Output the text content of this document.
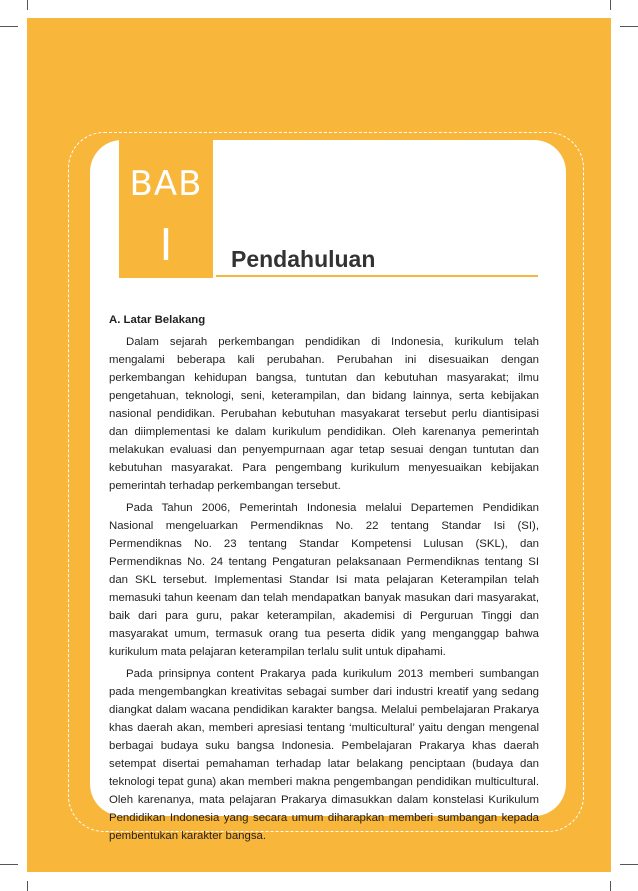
BAB
I	Pendahuluan
A. Latar Belakang

Dalam sejarah perkembangan pendidikan di Indonesia, kurikulum telah mengalami beberapa kali perubahan. Perubahan ini disesuaikan dengan perkembangan kehidupan bangsa, tuntutan dan kebutuhan masyarakat; ilmu pengetahuan, teknologi, seni, keterampilan, dan bidang lainnya, serta kebijakan nasional pendidikan. Perubahan kebutuhan masyakarat tersebut perlu diantisipasi dan diimplementasi ke dalam kurikulum pendidikan. Oleh karenanya pemerintah melakukan evaluasi dan penyempurnaan agar tetap sesuai dengan tuntutan dan kebutuhan masyarakat. Para pengembang kurikulum menyesuaikan kebijakan pemerintah terhadap perkembangan tersebut.

Pada Tahun 2006, Pemerintah Indonesia melalui Departemen Pendidikan Nasional mengeluarkan Permendiknas No. 22 tentang Standar Isi (SI), Permendiknas No. 23 tentang Standar Kompetensi Lulusan (SKL), dan Permendiknas No. 24 tentang Pengaturan pelaksanaan Permendiknas tentang SI dan SKL tersebut. Implementasi Standar Isi mata pelajaran Keterampilan telah memasuki tahun keenam dan telah mendapatkan banyak masukan dari masyarakat, baik dari para guru, pakar keterampilan, akademisi di Perguruan Tinggi dan masyarakat umum, termasuk orang tua peserta didik yang menganggap bahwa kurikulum mata pelajaran keterampilan terlalu sulit untuk dipahami.

Pada prinsipnya content Prakarya pada kurikulum 2013 memberi sumbangan pada mengembangkan kreativitas sebagai sumber dari industri kreatif yang sedang diangkat dalam wacana pendidikan karakter bangsa. Melalui pembelajaran Prakarya khas daerah akan, memberi apresiasi tentang ‘multicultural’ yaitu dengan mengenal berbagai budaya suku bangsa Indonesia. Pembelajaran Prakarya khas daerah setempat disertai pemahaman terhadap latar belakang penciptaan (budaya dan teknologi tepat guna) akan memberi makna pengembangan pendidikan multicultural. Oleh karenanya, mata pelajaran Prakarya dimasukkan dalam konstelasi Kurikulum Pendidikan Indonesia yang secara umum diharapkan memberi sumbangan kepada pembentukan karakter bangsa.
